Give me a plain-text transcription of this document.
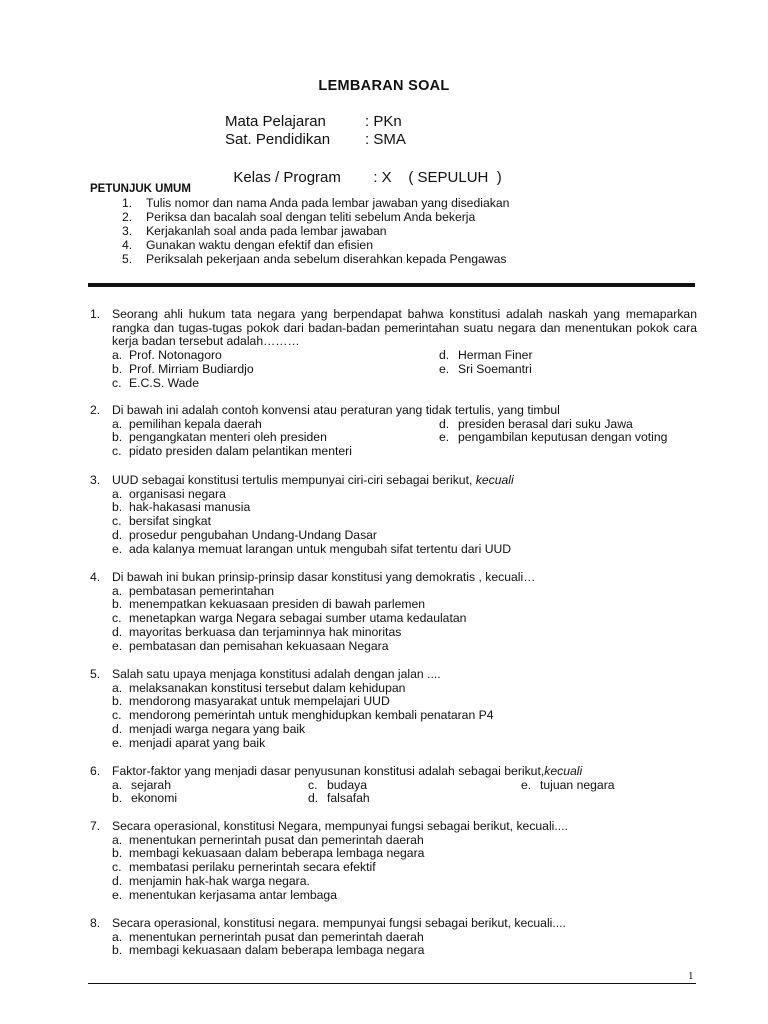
LEMBARAN SOAL
Mata Pelajaran	: PKn
Sat. Pendidikan : SMA

Kelas / Program : X    ( SEPULUH  )

PETUNJUK UMUM
1. Tulis nomor dan nama Anda pada lembar jawaban yang disediakan
2. Periksa dan bacalah soal dengan teliti sebelum Anda bekerja
3. Kerjakanlah soal anda pada lembar jawaban
4. Gunakan waktu dengan efektif dan efisien
5. Periksalah pekerjaan anda sebelum diserahkan kepada Pengawas
1. Seorang ahli hukum tata negara yang berpendapat bahwa konstitusi adalah naskah yang memaparkan rangka dan tugas-tugas pokok dari badan-badan pemerintahan suatu negara dan menentukan pokok cara kerja badan tersebut adalah………
a. Prof. Notonagoro	d. Herman Finer
b. Prof. Mirriam Budiardjo	e. Sri Soemantri
c. E.C.S. Wade
2. Di bawah ini adalah contoh konvensi atau peraturan yang tidak tertulis, yang timbul
a. pemilihan kepala daerah	d. presiden berasal dari suku Jawa
b. pengangkatan menteri oleh presiden	e. pengambilan keputusan dengan voting
c. pidato presiden dalam pelantikan menteri
3. UUD sebagai konstitusi tertulis mempunyai ciri-ciri sebagai berikut, kecuali
a. organisasi negara
b. hak-hakasasi manusia
c. bersifat singkat
d. prosedur pengubahan Undang-Undang Dasar
e. ada kalanya memuat larangan untuk mengubah sifat tertentu dari UUD
4. Di bawah ini bukan prinsip-prinsip dasar konstitusi yang demokratis , kecuali…
a. pembatasan pemerintahan
b. menempatkan kekuasaan presiden di bawah parlemen
c. menetapkan warga Negara sebagai sumber utama kedaulatan
d. mayoritas berkuasa dan terjaminnya hak minoritas
e. pembatasan dan pemisahan kekuasaan Negara
5. Salah satu upaya menjaga konstitusi adalah dengan jalan ....
a. melaksanakan konstitusi tersebut dalam kehidupan
b. mendorong masyarakat untuk mempelajari UUD
c. mendorong pemerintah untuk menghidupkan kembali penataran P4
d. menjadi warga negara yang baik
e. menjadi aparat yang baik
6. Faktor-faktor yang menjadi dasar penyusunan konstitusi adalah sebagai berikut,kecuali
a. sejarah	c. budaya	e. tujuan negara
b. ekonomi	d. falsafah
7. Secara operasional, konstitusi Negara, mempunyai fungsi sebagai berikut, kecuali....
a. menentukan pernerintah pusat dan pemerintah daerah
b. membagi kekuasaan dalam beberapa lembaga negara
c. membatasi perilaku pernerintah secara efektif
d. menjamin hak-hak warga negara.
e. menentukan kerjasama antar lembaga
8. Secara operasional, konstitusi negara. mempunyai fungsi sebagai berikut, kecuali....
a. menentukan pernerintah pusat dan pemerintah daerah
b. membagi kekuasaan dalam beberapa lembaga negara
1
